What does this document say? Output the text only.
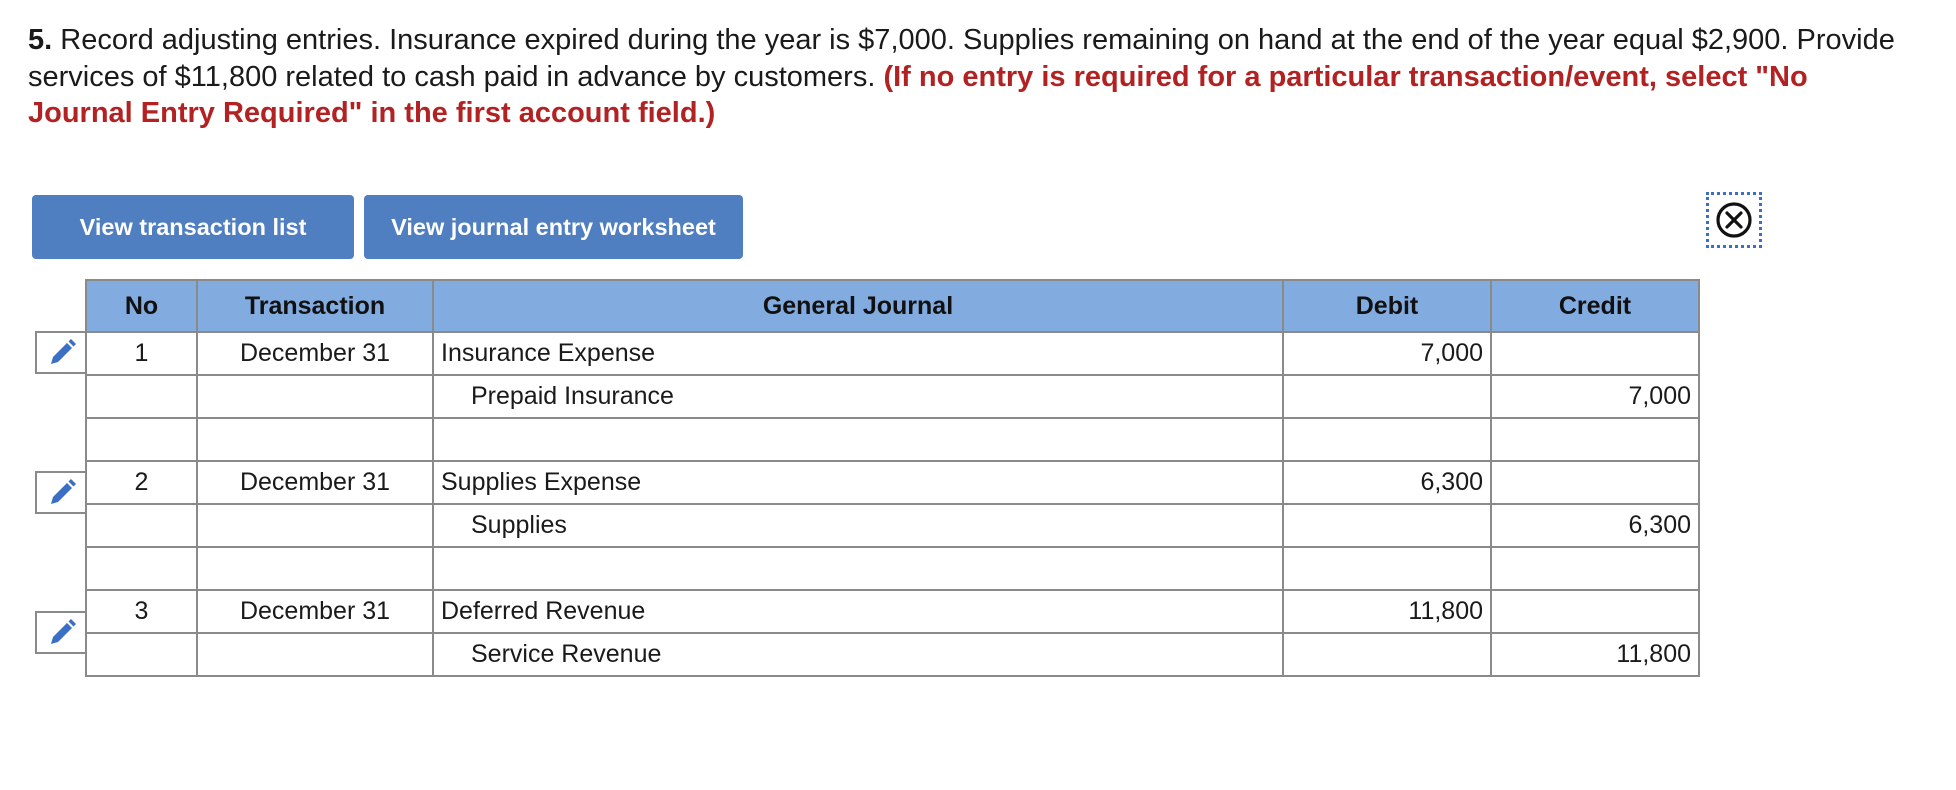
5. Record adjusting entries. Insurance expired during the year is $7,000. Supplies remaining on hand at the end of the year equal $2,900. Provide services of $11,800 related to cash paid in advance by customers. (If no entry is required for a particular transaction/event, select "No Journal Entry Required" in the first account field.)

View transaction list	View journal entry worksheet
No	Transaction	General Journal	Debit	Credit
1	December 31	Insurance Expense	7,000	
		Prepaid Insurance		7,000

2	December 31	Supplies Expense	6,300	
		Supplies		6,300

3	December 31	Deferred Revenue	11,800	
		Service Revenue		11,800
